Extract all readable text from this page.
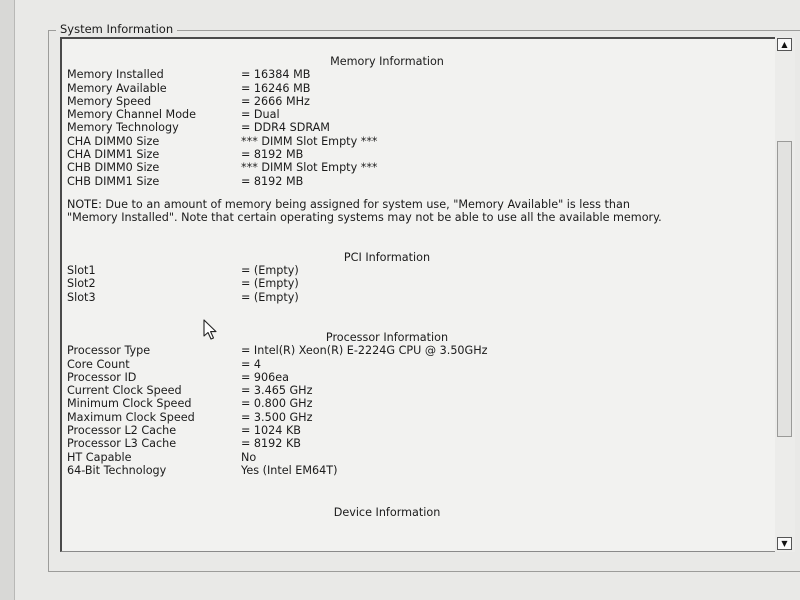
System Information
Memory Information
Memory Installed	= 16384 MB
Memory Available	= 16246 MB
Memory Speed	= 2666 MHz
Memory Channel Mode	= Dual
Memory Technology	= DDR4 SDRAM
CHA DIMM0 Size	*** DIMM Slot Empty ***
CHA DIMM1 Size	= 8192 MB
CHB DIMM0 Size	*** DIMM Slot Empty ***
CHB DIMM1 Size	= 8192 MB
NOTE: Due to an amount of memory being assigned for system use, "Memory Available" is less than "Memory Installed". Note that certain operating systems may not be able to use all the available memory.
PCI Information
Slot1	= (Empty)
Slot2	= (Empty)
Slot3	= (Empty)
Processor Information
Processor Type	= Intel(R) Xeon(R) E-2224G CPU @ 3.50GHz
Core Count	= 4
Processor ID	= 906ea
Current Clock Speed	= 3.465 GHz
Minimum Clock Speed	= 0.800 GHz
Maximum Clock Speed	= 3.500 GHz
Processor L2 Cache	= 1024 KB
Processor L3 Cache	= 8192 KB
HT Capable	No
64-Bit Technology	Yes (Intel EM64T)
Device Information
▲
▼
